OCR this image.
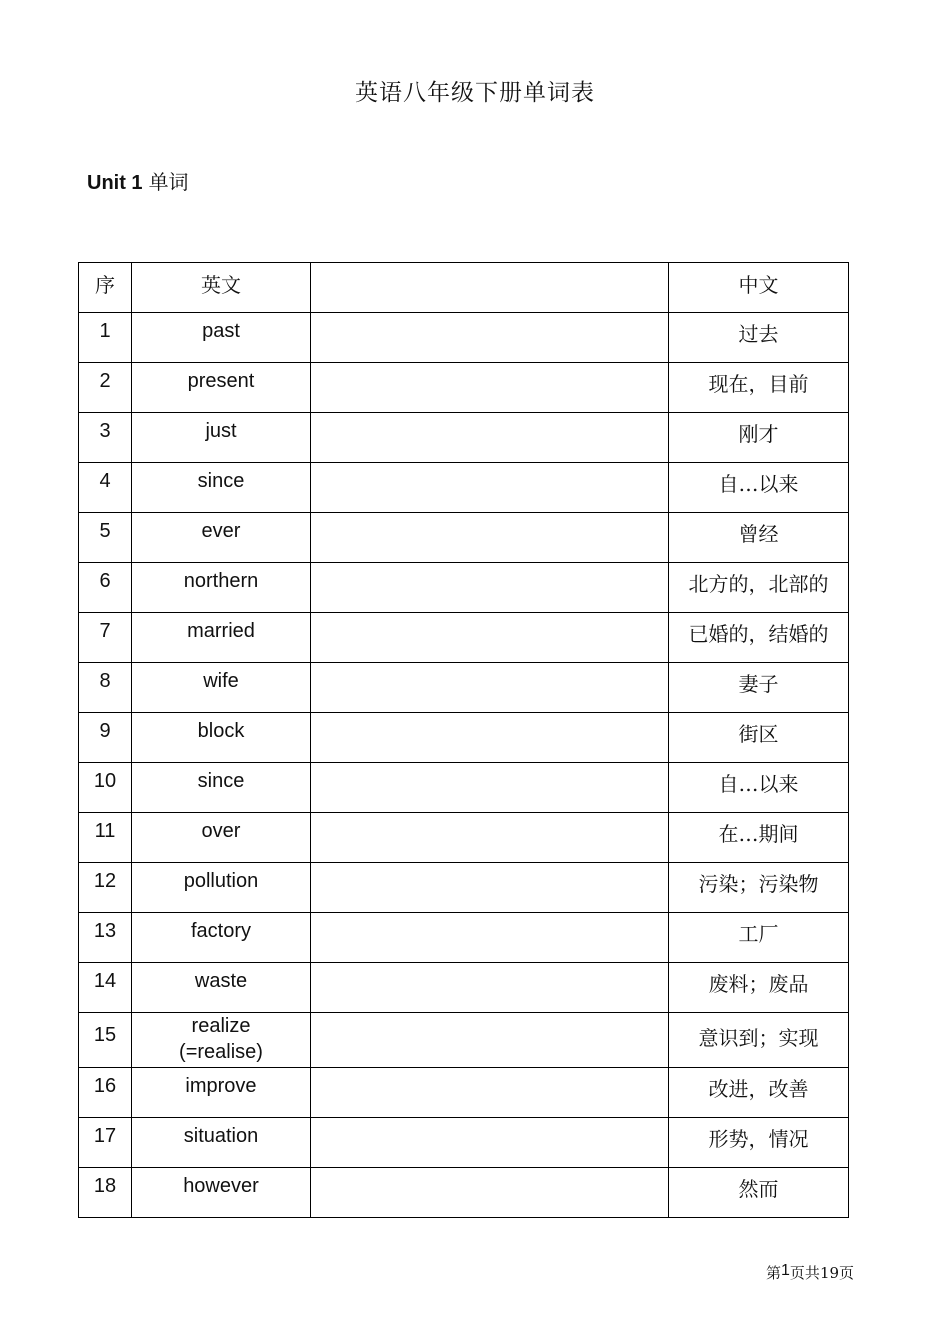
英语八年级下册单词表
Unit 1 单词
序	英文		中文
1	past		过去
2	present		现在，目前
3	just		刚才
4	since		自…以来
5	ever		曾经
6	northern		北方的，北部的
7	married		已婚的，结婚的
8	wife		妻子
9	block		街区
10	since		自…以来
11	over		在…期间
12	pollution		污染；污染物
13	factory		工厂
14	waste		废料；废品
15	realize
(=realise)		意识到；实现
16	improve		改进，改善
17	situation		形势，情况
18	however		然而
第1页共19页
